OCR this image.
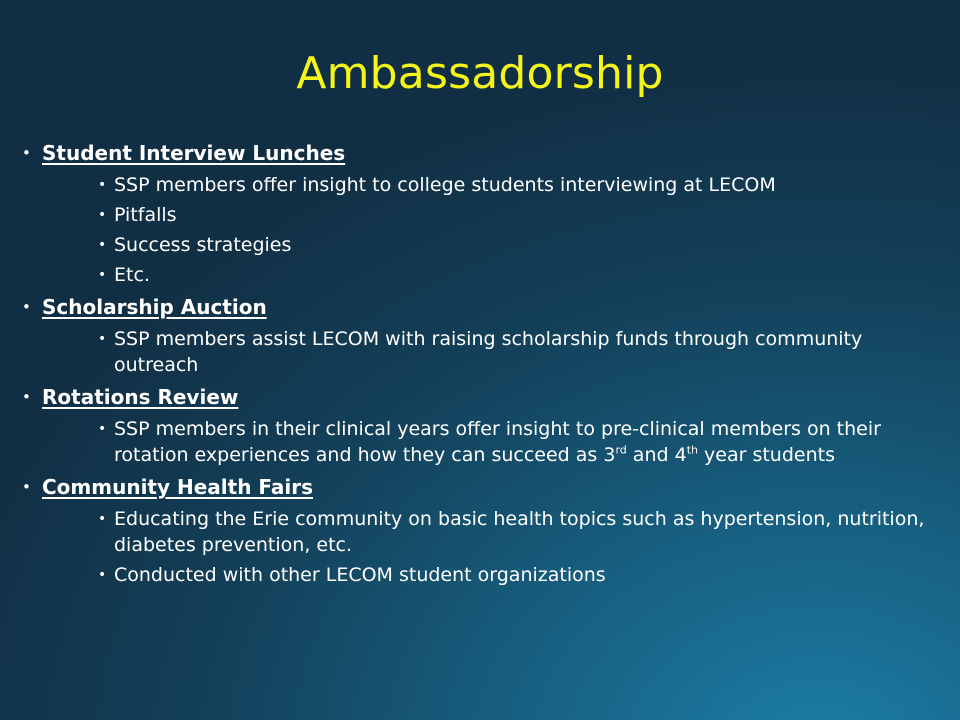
Ambassadorship
• Student Interview Lunches
• SSP members offer insight to college students interviewing at LECOM
• Pitfalls
• Success strategies
• Etc.
• Scholarship Auction
• SSP members assist LECOM with raising scholarship funds through community outreach
• Rotations Review
• SSP members in their clinical years offer insight to pre-clinical members on their rotation experiences and how they can succeed as 3rd and 4th year students
• Community Health Fairs
• Educating the Erie community on basic health topics such as hypertension, nutrition, diabetes prevention, etc.
• Conducted with other LECOM student organizations
